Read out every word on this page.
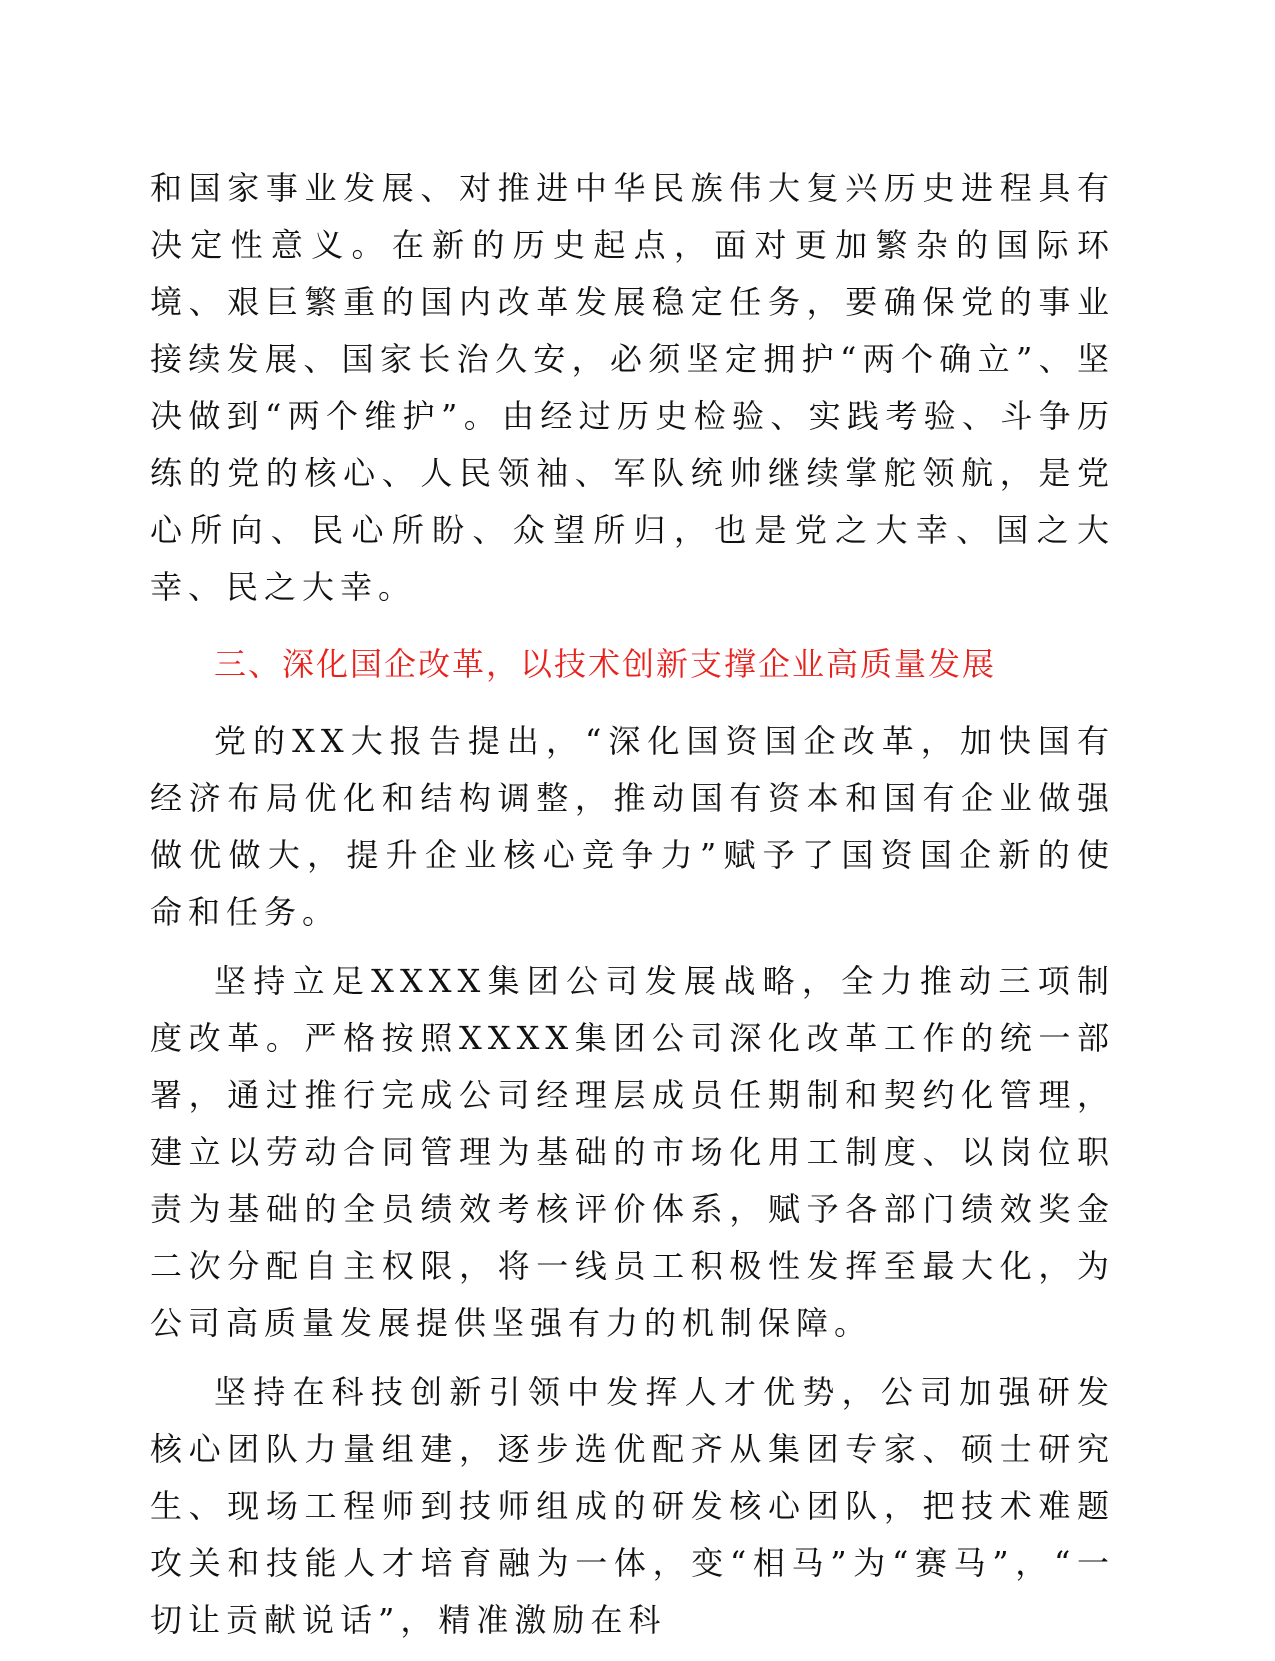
和国家事业发展、对推进中华民族伟大复兴历史进程具有决定性意义。在新的历史起点，面对更加繁杂的国际环境、艰巨繁重的国内改革发展稳定任务，要确保党的事业接续发展、国家长治久安，必须坚定拥护“两个确立”、坚决做到“两个维护”。由经过历史检验、实践考验、斗争历练的党的核心、人民领袖、军队统帅继续掌舵领航，是党心所向、民心所盼、众望所归，也是党之大幸、国之大幸、民之大幸。

三、深化国企改革，以技术创新支撑企业高质量发展

党的XX大报告提出，“深化国资国企改革，加快国有经济布局优化和结构调整，推动国有资本和国有企业做强做优做大，提升企业核心竞争力”赋予了国资国企新的使命和任务。

坚持立足XXXX集团公司发展战略，全力推动三项制度改革。严格按照XXXX集团公司深化改革工作的统一部署，通过推行完成公司经理层成员任期制和契约化管理，建立以劳动合同管理为基础的市场化用工制度、以岗位职责为基础的全员绩效考核评价体系，赋予各部门绩效奖金二次分配自主权限，将一线员工积极性发挥至最大化，为公司高质量发展提供坚强有力的机制保障。

坚持在科技创新引领中发挥人才优势，公司加强研发核心团队力量组建，逐步选优配齐从集团专家、硕士研究生、现场工程师到技师组成的研发核心团队，把技术难题攻关和技能人才培育融为一体，变“相马”为“赛马”，“一切让贡献说话”，精准激励在科
